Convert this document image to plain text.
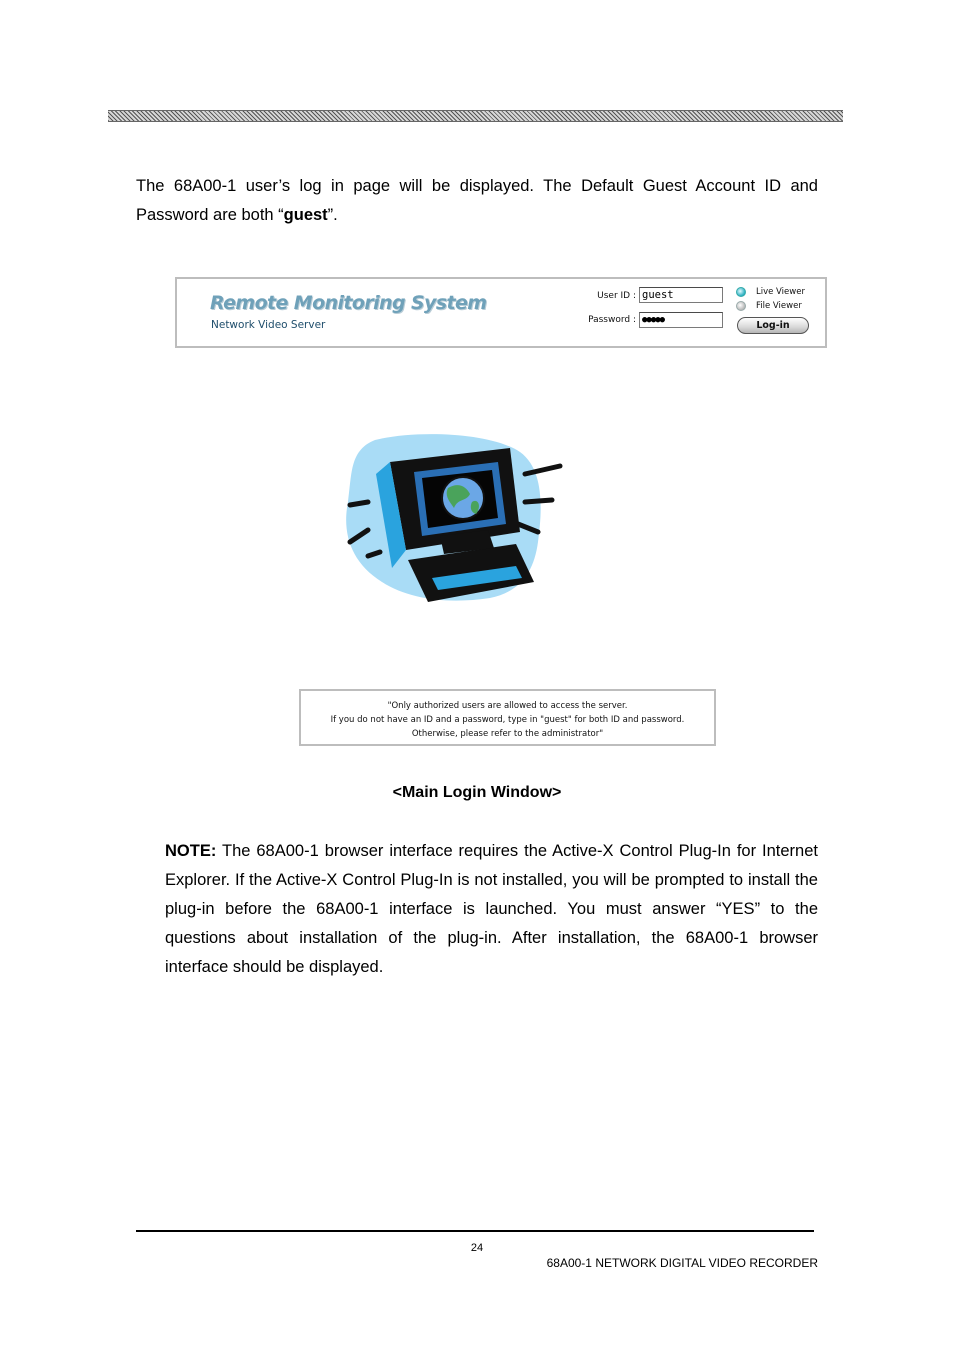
The 68A00-1 user’s log in page will be displayed. The Default Guest Account ID and Password are both “guest”.
Remote Monitoring System
Network Video Server
User ID : guest
Password : ●●●●●
Live Viewer
File Viewer
Log-in
"Only authorized users are allowed to access the server.
If you do not have an ID and a password, type in "guest" for both ID and password.
Otherwise, please refer to the administrator"
<Main Login Window>
NOTE: The 68A00-1 browser interface requires the Active-X Control Plug-In for Internet Explorer. If the Active-X Control Plug-In is not installed, you will be prompted to install the plug-in before the 68A00-1 interface is launched. You must answer “YES” to the questions about installation of the plug-in. After installation, the 68A00-1 browser interface should be displayed.
24
68A00-1 NETWORK DIGITAL VIDEO RECORDER
